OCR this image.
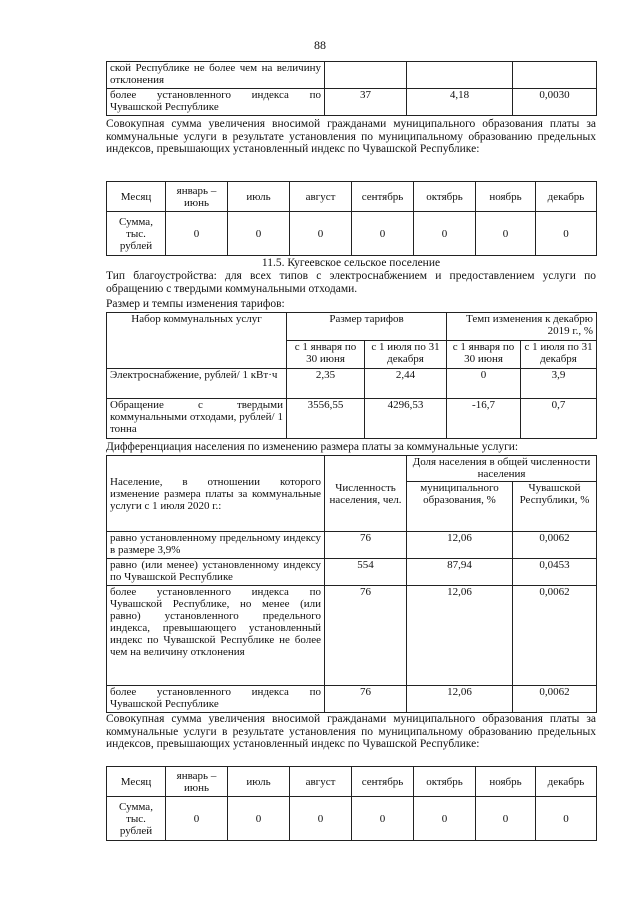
88
ской Республике не более чем на величину отклонения			
более установленного индекса по Чувашской Республике	37	4,18	0,0030
Совокупная сумма увеличения вносимой гражданами муниципального образования платы за коммунальные услуги в результате установления по муниципальному образованию предельных индексов, превышающих установленный индекс по Чувашской Республике:
Месяц	январь – июнь	июль	август	сентябрь	октябрь	ноябрь	декабрь
Сумма, тыс. рублей	0	0	0	0	0	0	0
11.5. Кугеевское сельское поселение
Тип благоустройства: для всех типов с электроснабжением и предоставлением услуги по обращению с твердыми коммунальными отходами.
Размер и темпы изменения тарифов:
Набор коммунальных услуг	Размер тарифов		Темп изменения к декабрю 2019 г., %	
	с 1 января по 30 июня	с 1 июля по 31 декабря	с 1 января по 30 июня	с 1 июля по 31 декабря
Электроснабжение, рублей/ 1 кВт·ч	2,35	2,44	0	3,9
Обращение с твердыми коммунальными отходами, рублей/ 1 тонна	3556,55	4296,53	-16,7	0,7
Дифференциация населения по изменению размера платы за коммунальные услуги:
Население, в отношении которого изменение размера платы за коммунальные услуги с 1 июля 2020 г.:	Численность населения, чел.	Доля населения в общей численности населения	
		муниципального образования, %	Чувашской Республики, %
равно установленному предельному индексу в размере 3,9%	76	12,06	0,0062
равно (или менее) установленному индексу по Чувашской Республике	554	87,94	0,0453
более установленного индекса по Чувашской Республике, но менее (или равно) установленного предельного индекса, превышающего установленный индекс по Чувашской Республике не более чем на величину отклонения	76	12,06	0,0062
более установленного индекса по Чувашской Республике	76	12,06	0,0062
Совокупная сумма увеличения вносимой гражданами муниципального образования платы за коммунальные услуги в результате установления по муниципальному образованию предельных индексов, превышающих установленный индекс по Чувашской Республике:
Месяц	январь – июнь	июль	август	сентябрь	октябрь	ноябрь	декабрь
Сумма, тыс. рублей	0	0	0	0	0	0	0
